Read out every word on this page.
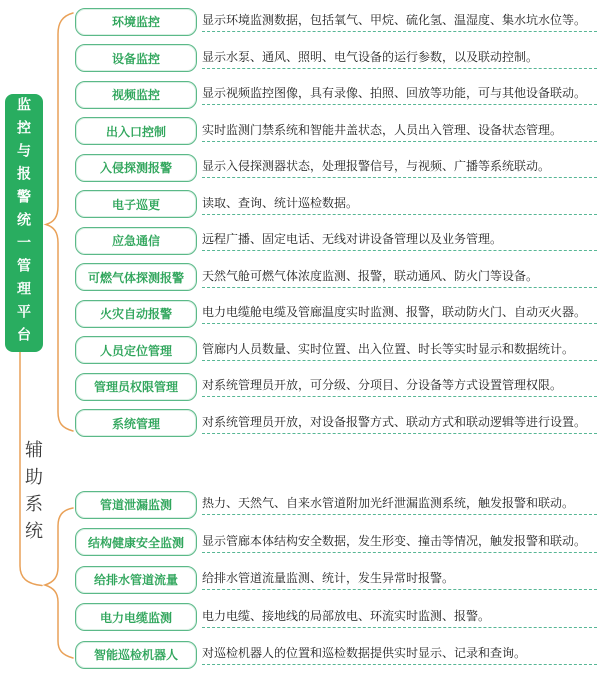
监控与报警统一管理平台
辅助系统
环境监控	显示环境监测数据，包括氧气、甲烷、硫化氢、温湿度、集水坑水位等。
设备监控	显示水泵、通风、照明、电气设备的运行参数，以及联动控制。
视频监控	显示视频监控图像，具有录像、拍照、回放等功能，可与其他设备联动。
出入口控制	实时监测门禁系统和智能井盖状态，人员出入管理、设备状态管理。
入侵探测报警	显示入侵探测器状态，处理报警信号，与视频、广播等系统联动。
电子巡更	读取、查询、统计巡检数据。
应急通信	远程广播、固定电话、无线对讲设备管理以及业务管理。
可燃气体探测报警	天然气舱可燃气体浓度监测、报警，联动通风、防火门等设备。
火灾自动报警	电力电缆舱电缆及管廊温度实时监测、报警，联动防火门、自动灭火器。
人员定位管理	管廊内人员数量、实时位置、出入位置、时长等实时显示和数据统计。
管理员权限管理	对系统管理员开放，可分级、分项目、分设备等方式设置管理权限。
系统管理	对系统管理员开放，对设备报警方式、联动方式和联动逻辑等进行设置。
管道泄漏监测	热力、天然气、自来水管道附加光纤泄漏监测系统，触发报警和联动。
结构健康安全监测	显示管廊本体结构安全数据，发生形变、撞击等情况，触发报警和联动。
给排水管道流量	给排水管道流量监测、统计，发生异常时报警。
电力电缆监测	电力电缆、接地线的局部放电、环流实时监测、报警。
智能巡检机器人	对巡检机器人的位置和巡检数据提供实时显示、记录和查询。
